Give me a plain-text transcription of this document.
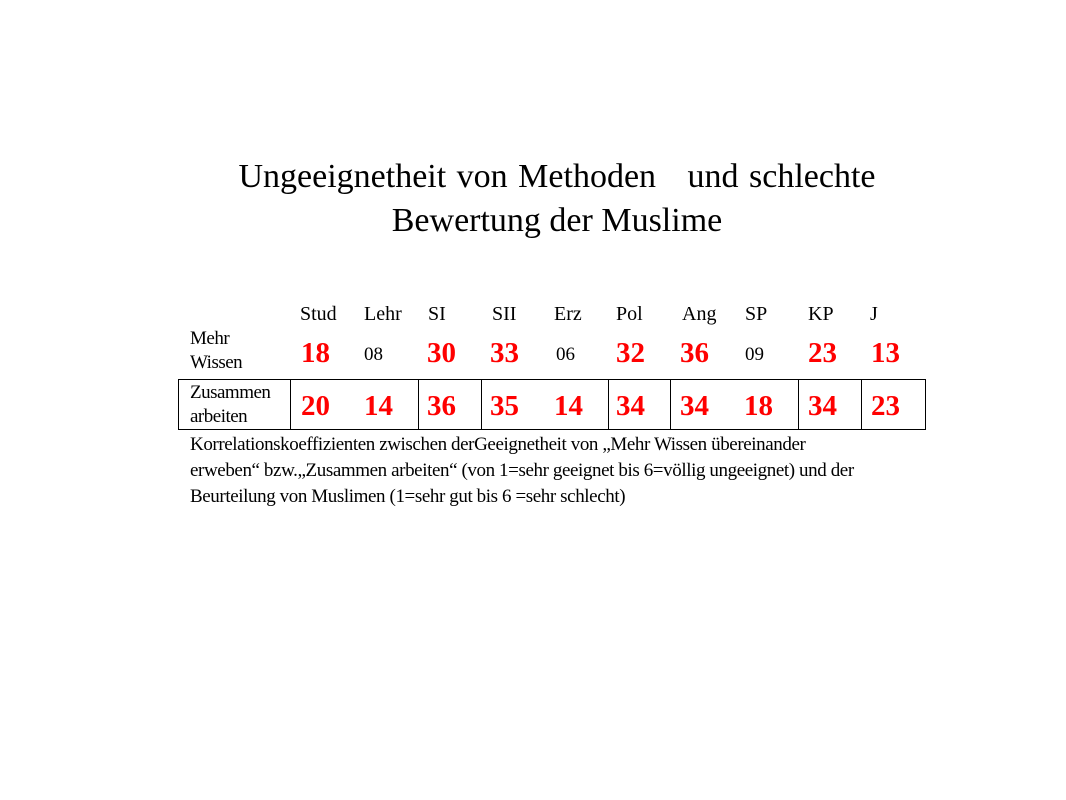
Ungeeignetheit von Methoden   und schlechte
Bewertung der Muslime
Stud Lehr SI SII Erz Pol Ang SP KP J
Mehr
Wissen 18 08 30 33 06 32 36 09 23 13
Zusammen
arbeiten 20 14 36 35 14 34 34 18 34 23
Korrelationskoeffizienten zwischen derGeeignetheit von „Mehr Wissen übereinander
erweben“ bzw.„Zusammen arbeiten“ (von 1=sehr geeignet bis 6=völlig ungeeignet) und der
Beurteilung von Muslimen (1=sehr gut bis 6 =sehr schlecht)
